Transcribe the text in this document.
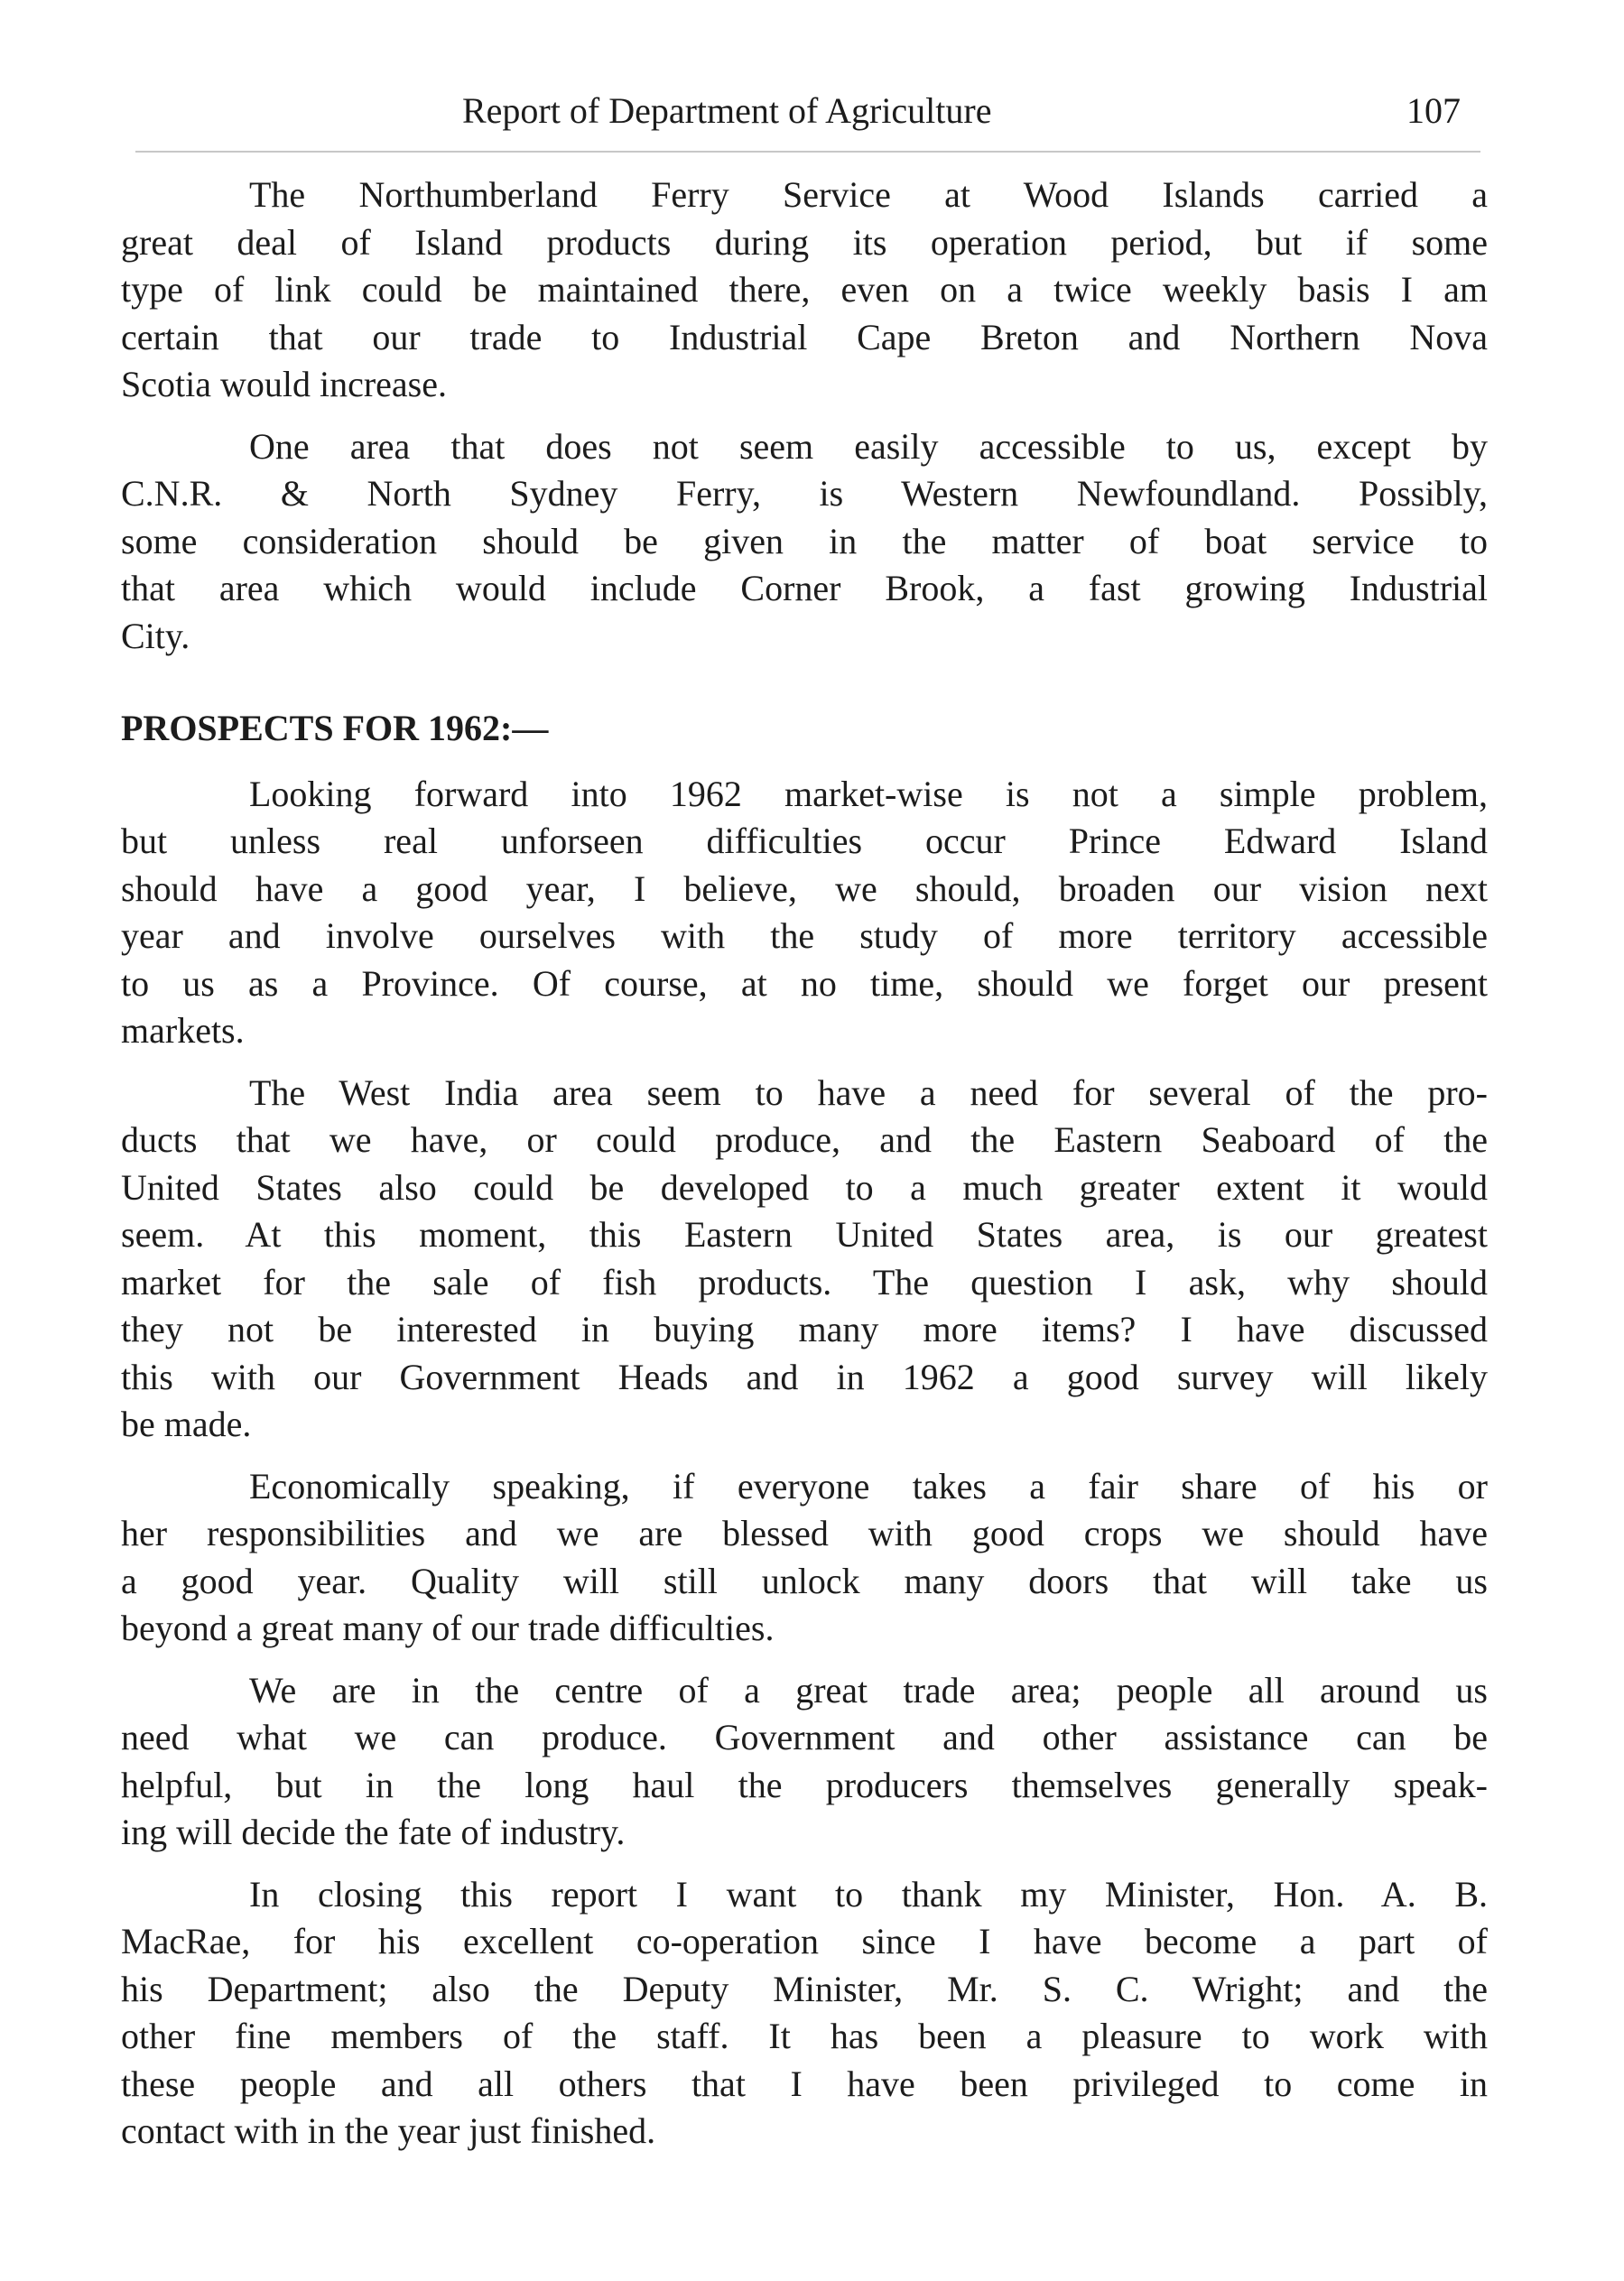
Report of Department of Agriculture	107
The Northumberland Ferry Service at Wood Islands carried a
great deal of Island products during its operation period, but if some
type of link could be maintained there, even on a twice weekly basis I am
certain that our trade to Industrial Cape Breton and Northern Nova
Scotia would increase.
One area that does not seem easily accessible to us, except by
C.N.R. & North Sydney Ferry, is Western Newfoundland. Possibly,
some consideration should be given in the matter of boat service to
that area which would include Corner Brook, a fast growing Industrial
City.
PROSPECTS FOR 1962:—
Looking forward into 1962 market-wise is not a simple problem,
but unless real unforseen difficulties occur Prince Edward Island
should have a good year, I believe, we should, broaden our vision next
year and involve ourselves with the study of more territory accessible
to us as a Province. Of course, at no time, should we forget our present
markets.
The West India area seem to have a need for several of the pro-
ducts that we have, or could produce, and the Eastern Seaboard of the
United States also could be developed to a much greater extent it would
seem. At this moment, this Eastern United States area, is our greatest
market for the sale of fish products. The question I ask, why should
they not be interested in buying many more items? I have discussed
this with our Government Heads and in 1962 a good survey will likely
be made.
Economically speaking, if everyone takes a fair share of his or
her responsibilities and we are blessed with good crops we should have
a good year. Quality will still unlock many doors that will take us
beyond a great many of our trade difficulties.
We are in the centre of a great trade area; people all around us
need what we can produce. Government and other assistance can be
helpful, but in the long haul the producers themselves generally speak-
ing will decide the fate of industry.
In closing this report I want to thank my Minister, Hon. A. B.
MacRae, for his excellent co-operation since I have become a part of
his Department; also the Deputy Minister, Mr. S. C. Wright; and the
other fine members of the staff. It has been a pleasure to work with
these people and all others that I have been privileged to come in
contact with in the year just finished.
